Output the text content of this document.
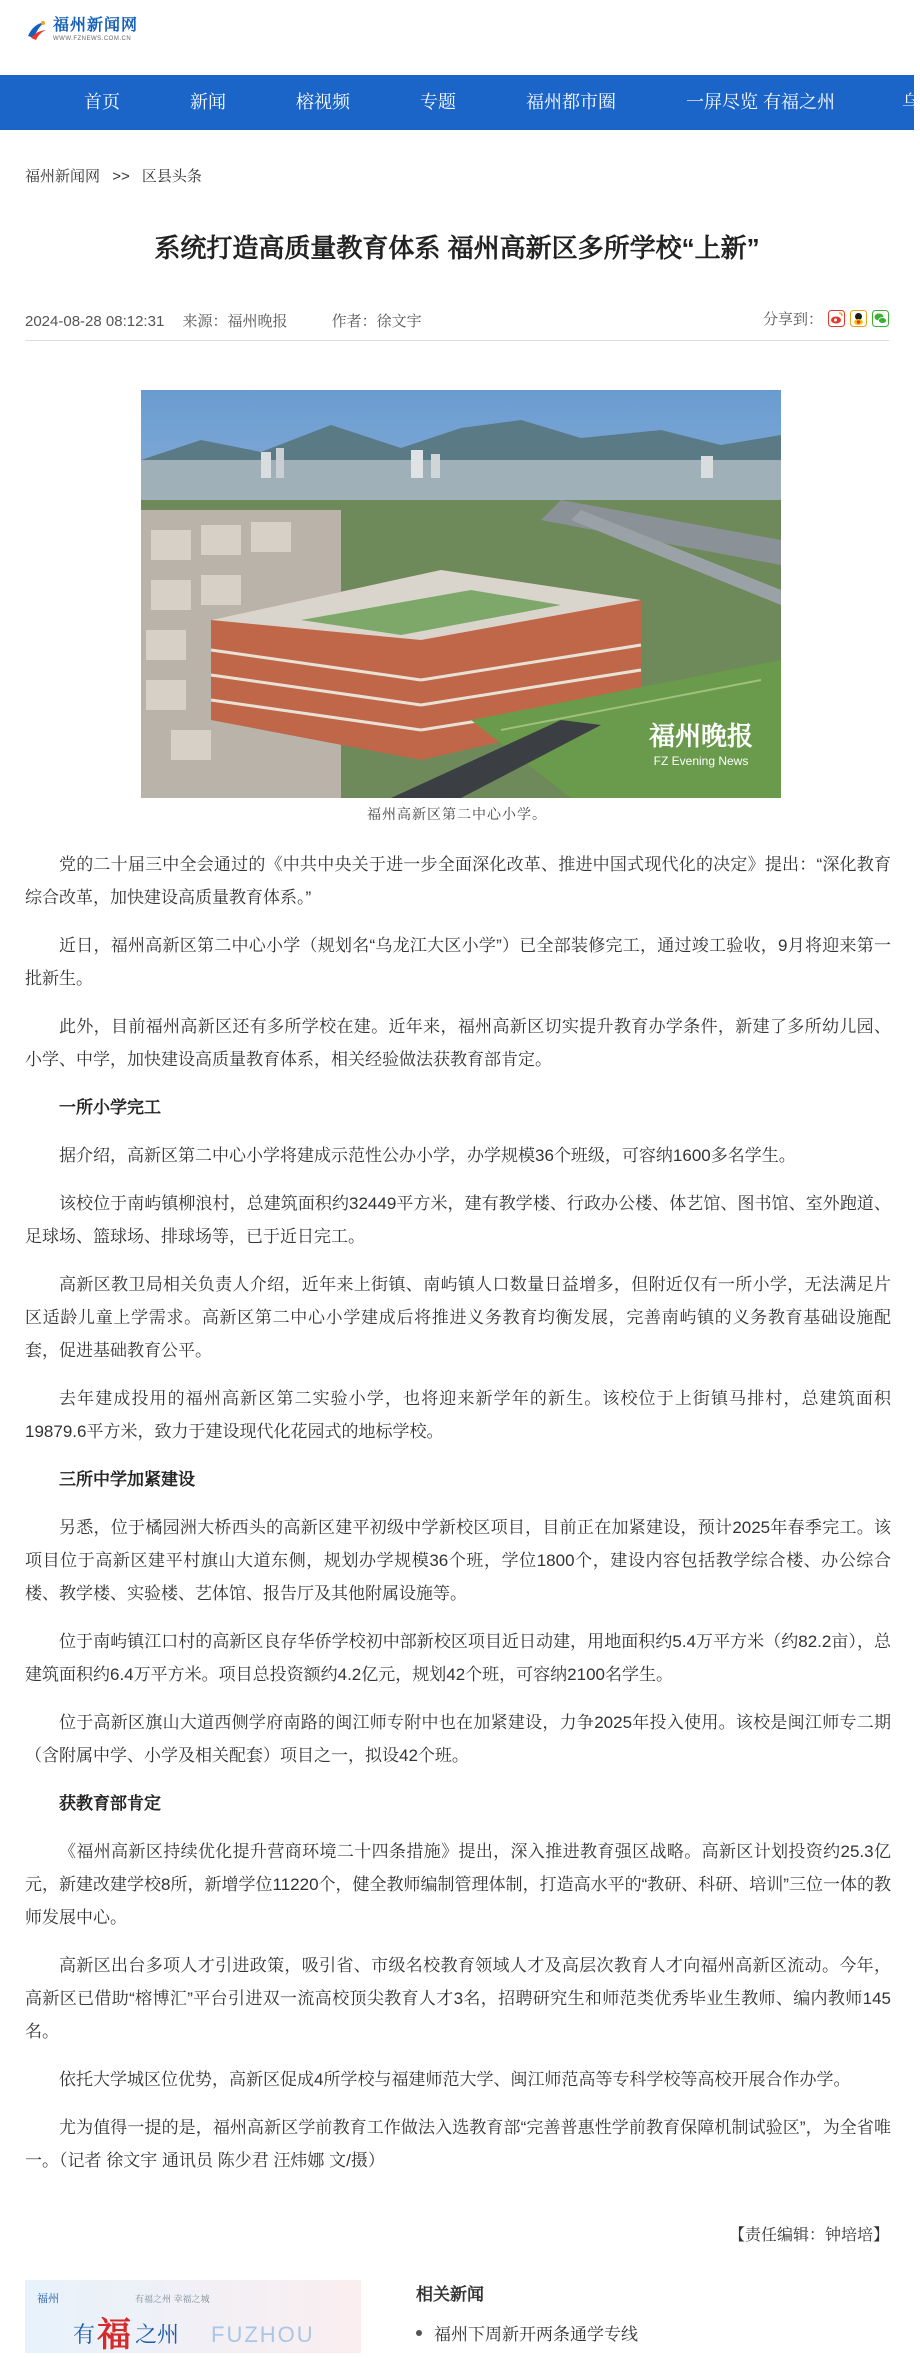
福州新闻网
WWW.FZNEWS.COM.CN
首页	新闻	榕视频	专题	福州都市圈	一屏尽览 有福之州	乌
福州新闻网 >> 区县头条
系统打造高质量教育体系 福州高新区多所学校“上新”
2024-08-28 08:12:31 来源：福州晚报	作者：徐文宇	分享到：
福州晚报
FZ Evening News
福州高新区第二中心小学。

党的二十届三中全会通过的《中共中央关于进一步全面深化改革、推进中国式现代化的决定》提出：“深化教育综合改革，加快建设高质量教育体系。”

近日，福州高新区第二中心小学（规划名“乌龙江大区小学”）已全部装修完工，通过竣工验收，9月将迎来第一批新生。

此外，目前福州高新区还有多所学校在建。近年来，福州高新区切实提升教育办学条件，新建了多所幼儿园、小学、中学，加快建设高质量教育体系，相关经验做法获教育部肯定。

一所小学完工

据介绍，高新区第二中心小学将建成示范性公办小学，办学规模36个班级，可容纳1600多名学生。

该校位于南屿镇柳浪村，总建筑面积约32449平方米，建有教学楼、行政办公楼、体艺馆、图书馆、室外跑道、足球场、篮球场、排球场等，已于近日完工。

高新区教卫局相关负责人介绍，近年来上街镇、南屿镇人口数量日益增多，但附近仅有一所小学，无法满足片区适龄儿童上学需求。高新区第二中心小学建成后将推进义务教育均衡发展，完善南屿镇的义务教育基础设施配套，促进基础教育公平。

去年建成投用的福州高新区第二实验小学，也将迎来新学年的新生。该校位于上街镇马排村，总建筑面积19879.6平方米，致力于建设现代化花园式的地标学校。

三所中学加紧建设

另悉，位于橘园洲大桥西头的高新区建平初级中学新校区项目，目前正在加紧建设，预计2025年春季完工。该项目位于高新区建平村旗山大道东侧，规划办学规模36个班，学位1800个，建设内容包括教学综合楼、办公综合楼、教学楼、实验楼、艺体馆、报告厅及其他附属设施等。

位于南屿镇江口村的高新区良存华侨学校初中部新校区项目近日动建，用地面积约5.4万平方米（约82.2亩），总建筑面积约6.4万平方米。项目总投资额约4.2亿元，规划42个班，可容纳2100名学生。

位于高新区旗山大道西侧学府南路的闽江师专附中也在加紧建设，力争2025年投入使用。该校是闽江师专二期（含附属中学、小学及相关配套）项目之一，拟设42个班。

获教育部肯定

《福州高新区持续优化提升营商环境二十四条措施》提出，深入推进教育强区战略。高新区计划投资约25.3亿元，新建改建学校8所，新增学位11220个，健全教师编制管理体制，打造高水平的“教研、科研、培训”三位一体的教师发展中心。

高新区出台多项人才引进政策，吸引省、市级名校教育领域人才及高层次教育人才向福州高新区流动。今年，高新区已借助“榕博汇”平台引进双一流高校顶尖教育人才3名，招聘研究生和师范类优秀毕业生教师、编内教师145名。

依托大学城区位优势，高新区促成4所学校与福建师范大学、闽江师范高等专科学校等高校开展合作办学。

尤为值得一提的是，福州高新区学前教育工作做法入选教育部“完善普惠性学前教育保障机制试验区”，为全省唯一。（记者 徐文宇 通讯员 陈少君 汪炜娜 文/摄）

【责任编辑：钟培培】
福州	有福之州 幸福之城
有 福 之州 FUZHOU
相关新闻
福州下周新开两条通学专线
